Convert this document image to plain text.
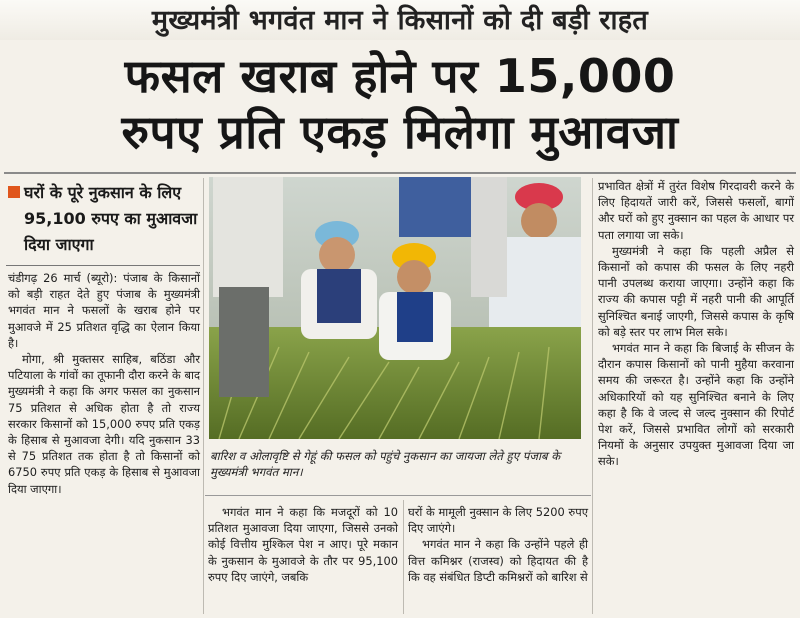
मुख्यमंत्री भगवंत मान ने किसानों को दी बड़ी राहत
फसल खराब होने पर 15,000
रुपए प्रति एकड़ मिलेगा मुआवजा
घरों के पूरे नुकसान के लिए 95,100 रुपए का मुआवजा दिया जाएगा

चंडीगढ़ 26 मार्च (ब्यूरो): पंजाब के किसानों को बड़ी राहत देते हुए पंजाब के मुख्यमंत्री भगवंत मान ने फसलों के खराब होने पर मुआवजे में 25 प्रतिशत वृद्धि का ऐलान किया है।

मोगा, श्री मुक्तसर साहिब, बठिंडा और पटियाला के गांवों का तूफानी दौरा करने के बाद मुख्यमंत्री ने कहा कि अगर फसल का नुकसान 75 प्रतिशत से अधिक होता है तो राज्य सरकार किसानों को 15,000 रुपए प्रति एकड़ के हिसाब से मुआवजा देगी। यदि नुकसान 33 से 75 प्रतिशत तक होता है तो किसानों को 6750 रुपए प्रति एकड़ के हिसाब से मुआवजा दिया जाएगा।

बारिश व ओलावृष्टि से गेहूं की फसल को पहुंचे नुकसान का जायजा लेते हुए पंजाब के मुख्यमंत्री भगवंत मान।

भगवंत मान ने कहा कि मजदूरों को 10 प्रतिशत मुआवजा दिया जाएगा, जिससे उनको कोई वित्तीय मुश्किल पेश न आए। पूरे मकान के नुकसान के मुआवजे के तौर पर 95,100 रुपए दिए जाएंगे, जबकि

घरों के मामूली नुक्सान के लिए 5200 रुपए दिए जाएंगे।

भगवंत मान ने कहा कि उन्होंने पहले ही वित्त कमिश्नर (राजस्व) को हिदायत की है कि वह संबंधित डिप्टी कमिश्नरों को बारिश से

प्रभावित क्षेत्रों में तुरंत विशेष गिरदावरी करने के लिए हिदायतें जारी करें, जिससे फसलों, बागों और घरों को हुए नुक्सान का पहल के आधार पर पता लगाया जा सके।

मुख्यमंत्री ने कहा कि पहली अप्रैल से किसानों को कपास की फसल के लिए नहरी पानी उपलब्ध कराया जाएगा। उन्होंने कहा कि राज्य की कपास पट्टी में नहरी पानी की आपूर्ति सुनिश्चित बनाई जाएगी, जिससे कपास के कृषि को बड़े स्तर पर लाभ मिल सके।

भगवंत मान ने कहा कि बिजाई के सीजन के दौरान कपास किसानों को पानी मुहैया करवाना समय की जरूरत है। उन्होंने कहा कि उन्होंने अधिकारियों को यह सुनिश्चित बनाने के लिए कहा है कि वे जल्द से जल्द नुक्सान की रिपोर्ट पेश करें, जिससे प्रभावित लोगों को सरकारी नियमों के अनुसार उपयुक्त मुआवजा दिया जा सके।
